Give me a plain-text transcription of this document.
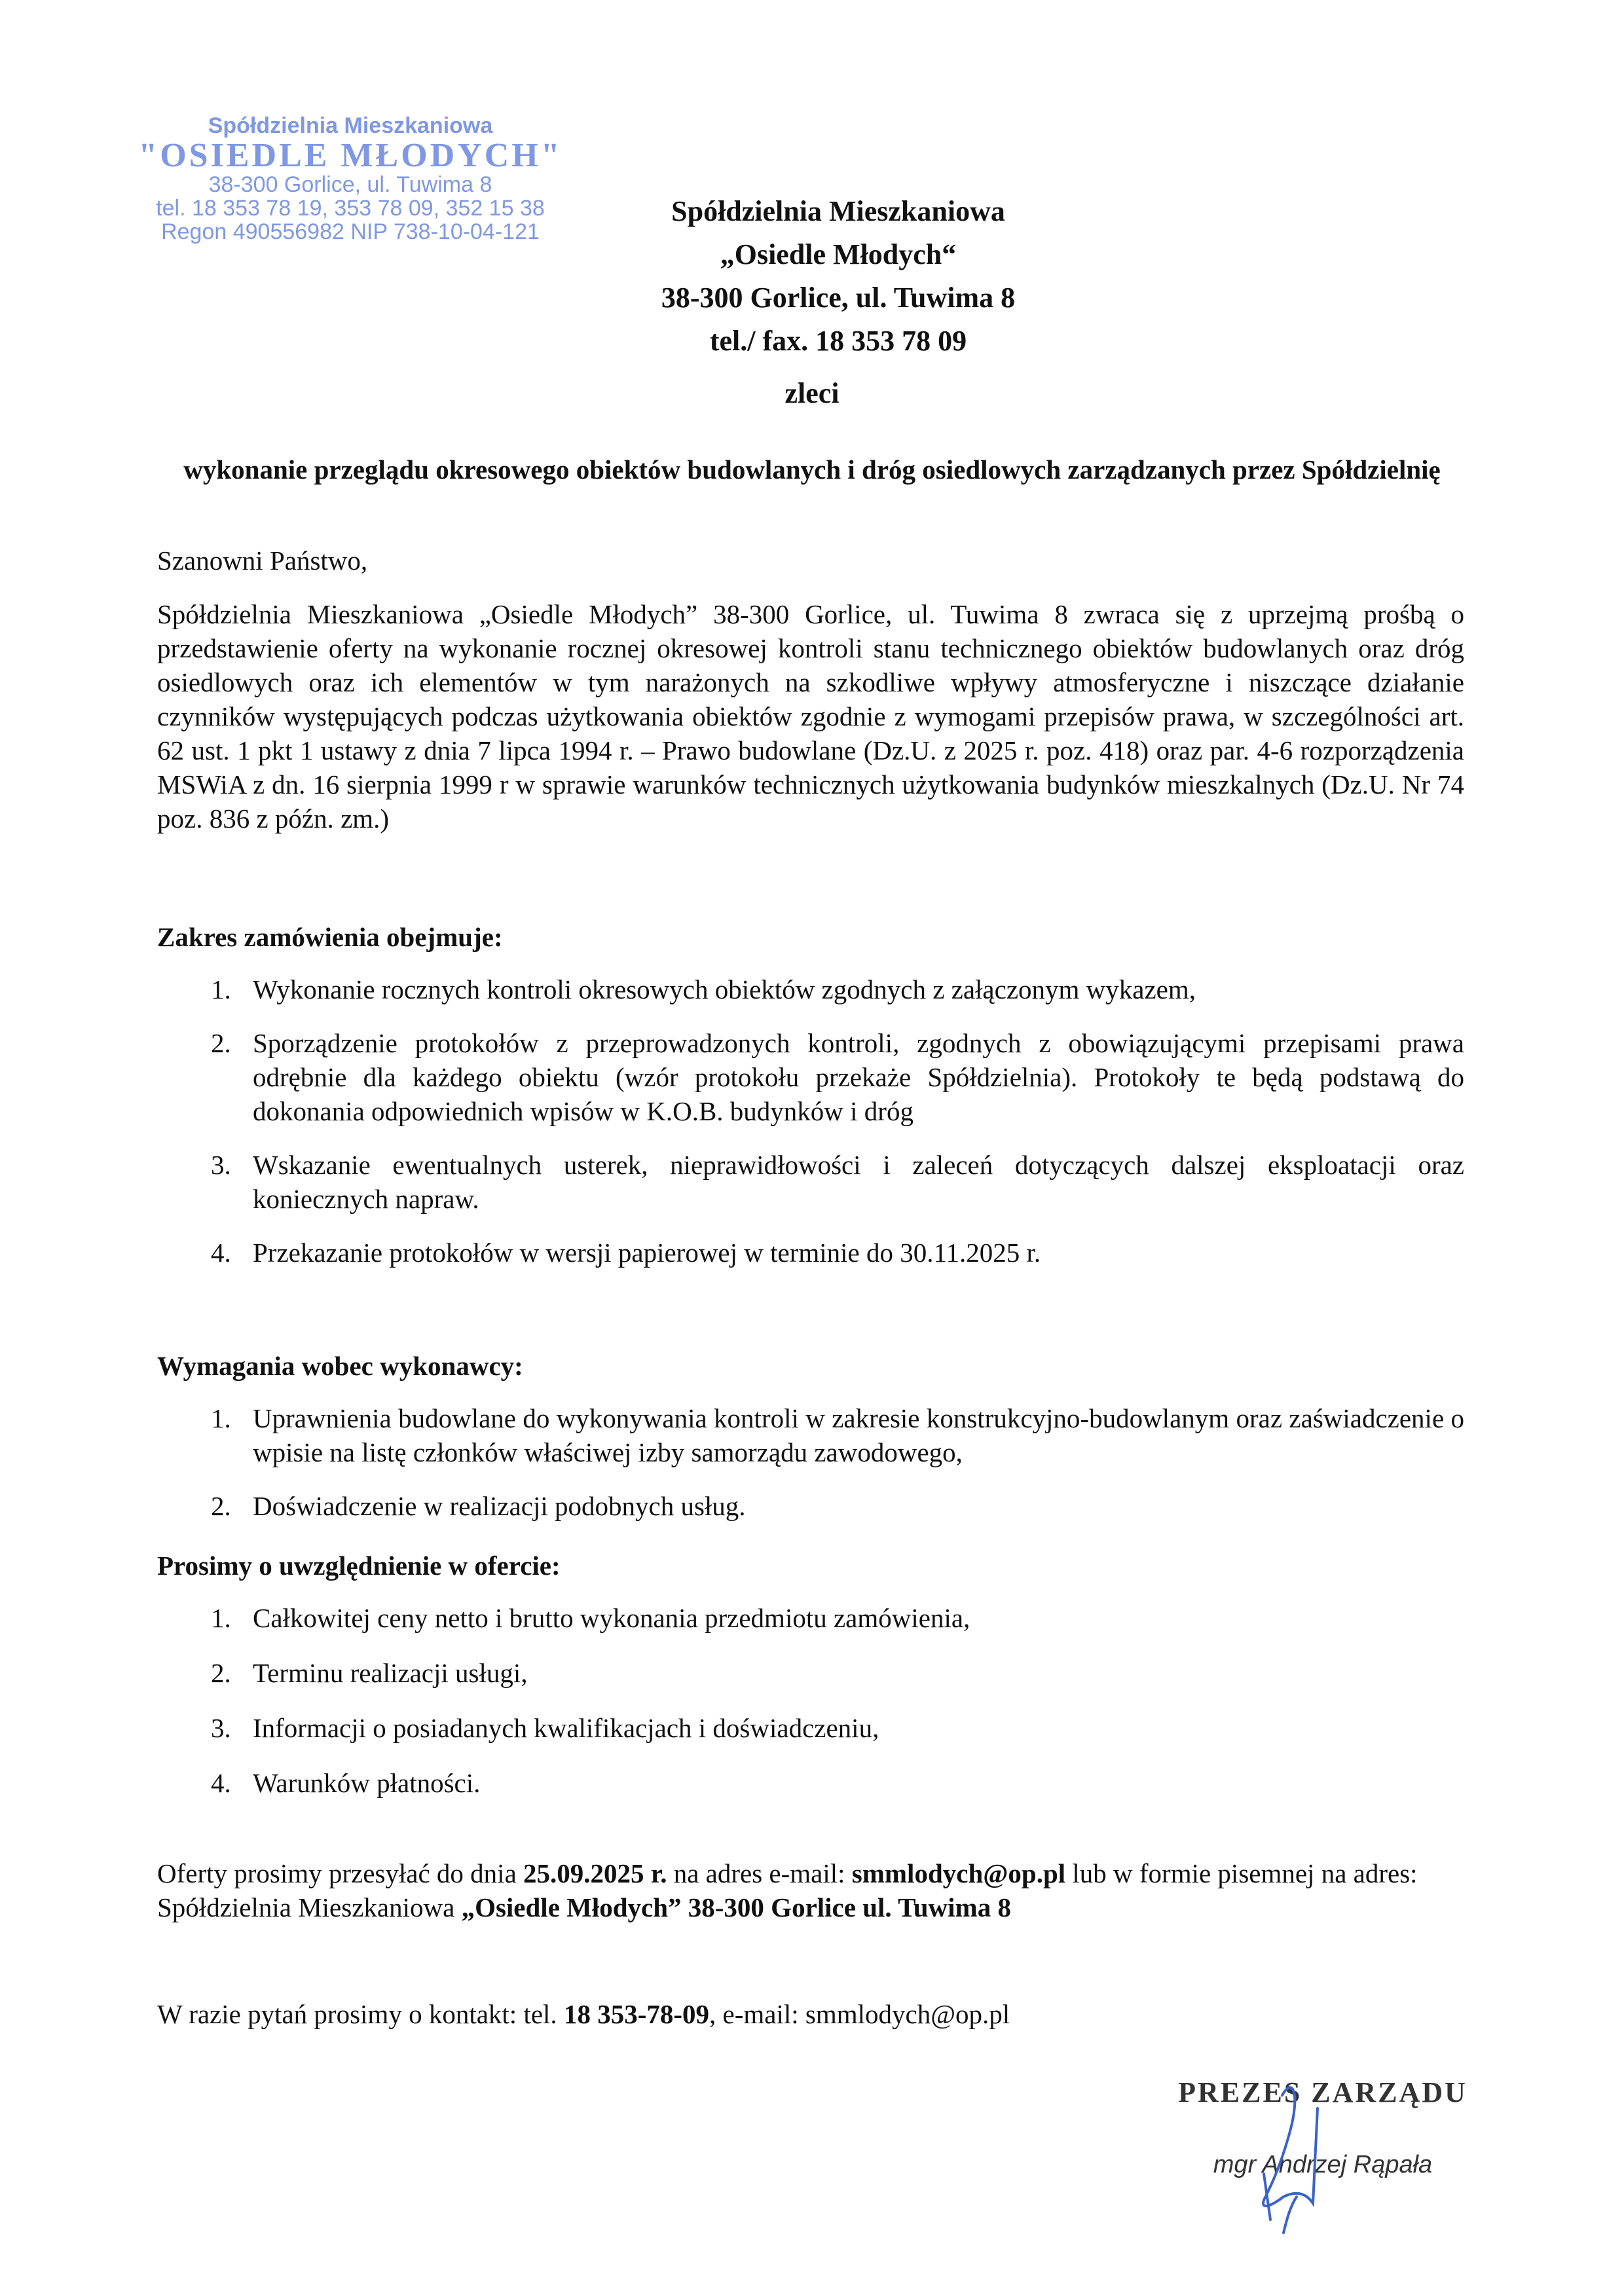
Spółdzielnia Mieszkaniowa
"OSIEDLE MŁODYCH"
38-300 Gorlice, ul. Tuwima 8
tel. 18 353 78 19, 353 78 09, 352 15 38
Regon 490556982 NIP 738-10-04-121
Spółdzielnia Mieszkaniowa
„Osiedle Młodych“
38-300 Gorlice, ul. Tuwima 8
tel./ fax. 18 353 78 09
zleci
wykonanie przeglądu okresowego obiektów budowlanych i dróg osiedlowych zarządzanych przez Spółdzielnię
Szanowni Państwo,
Spółdzielnia Mieszkaniowa „Osiedle Młodych” 38-300 Gorlice, ul. Tuwima 8 zwraca się z uprzejmą prośbą o przedstawienie oferty na wykonanie rocznej okresowej kontroli stanu technicznego obiektów budowlanych oraz dróg osiedlowych oraz ich elementów w tym narażonych na szkodliwe wpływy atmosferyczne i niszczące działanie czynników występujących podczas użytkowania obiektów zgodnie z wymogami przepisów prawa, w szczególności art. 62 ust. 1 pkt 1 ustawy z dnia 7 lipca 1994 r. – Prawo budowlane (Dz.U. z 2025 r. poz. 418) oraz par. 4-6 rozporządzenia MSWiA z dn. 16 sierpnia 1999 r w sprawie warunków technicznych użytkowania budynków mieszkalnych (Dz.U. Nr 74 poz. 836 z późn. zm.)
Zakres zamówienia obejmuje:
1. Wykonanie rocznych kontroli okresowych obiektów zgodnych z załączonym wykazem,
2. Sporządzenie protokołów z przeprowadzonych kontroli, zgodnych z obowiązującymi przepisami prawa odrębnie dla każdego obiektu (wzór protokołu przekaże Spółdzielnia). Protokoły te będą podstawą do dokonania odpowiednich wpisów w K.O.B. budynków i dróg
3. Wskazanie ewentualnych usterek, nieprawidłowości i zaleceń dotyczących dalszej eksploatacji oraz koniecznych napraw.
4. Przekazanie protokołów w wersji papierowej w terminie do 30.11.2025 r.
Wymagania wobec wykonawcy:
1. Uprawnienia budowlane do wykonywania kontroli w zakresie konstrukcyjno-budowlanym oraz zaświadczenie o wpisie na listę członków właściwej izby samorządu zawodowego,
2. Doświadczenie w realizacji podobnych usług.
Prosimy o uwzględnienie w ofercie:
1. Całkowitej ceny netto i brutto wykonania przedmiotu zamówienia,
2. Terminu realizacji usługi,
3. Informacji o posiadanych kwalifikacjach i doświadczeniu,
4. Warunków płatności.
Oferty prosimy przesyłać do dnia 25.09.2025 r. na adres e-mail: smmlodych@op.pl lub w formie pisemnej na adres: Spółdzielnia Mieszkaniowa „Osiedle Młodych” 38-300 Gorlice ul. Tuwima 8
W razie pytań prosimy o kontakt: tel. 18 353-78-09, e-mail: smmlodych@op.pl
PREZES ZARZĄDU
mgr Andrzej Rąpała
